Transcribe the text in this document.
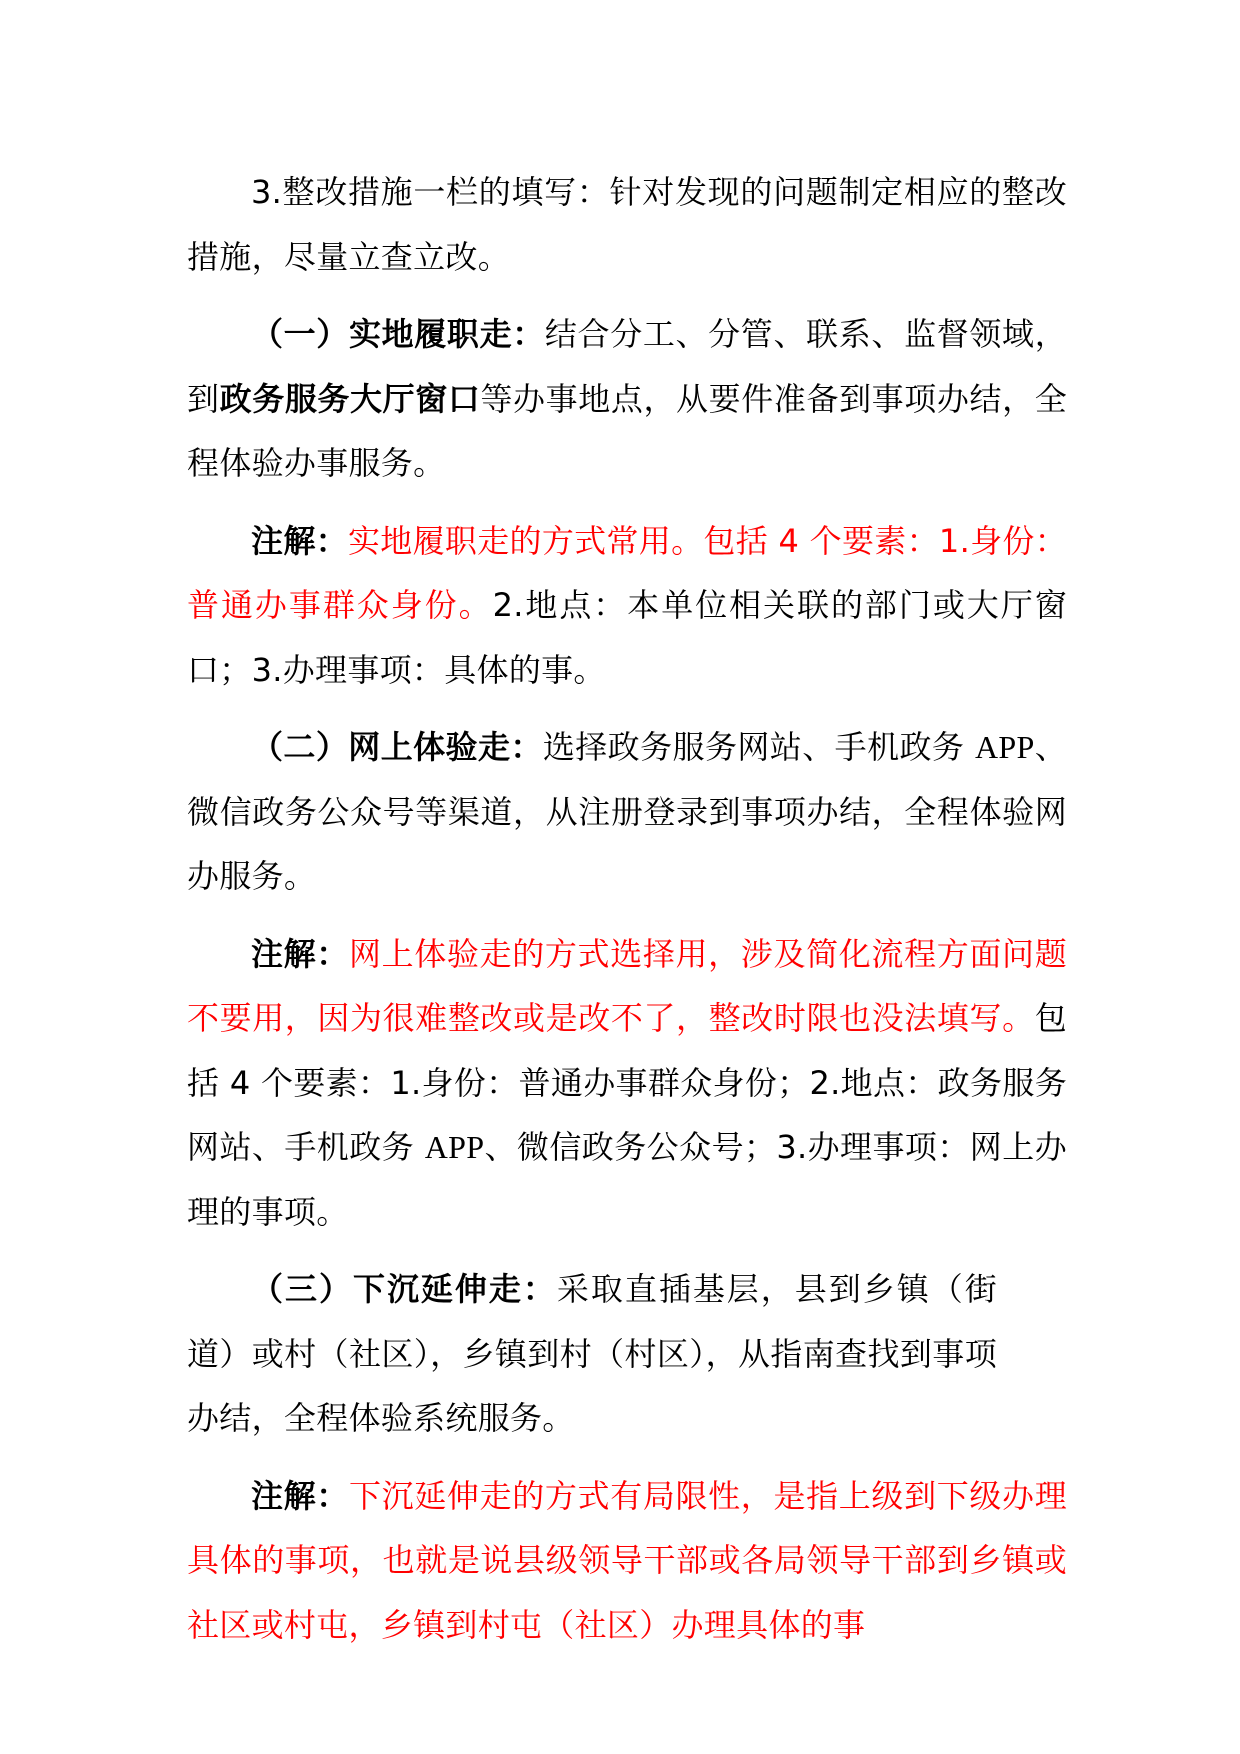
3.整改措施一栏的填写：针对发现的问题制定相应的整改措施，尽量立查立改。

（一）实地履职走：结合分工、分管、联系、监督领域，到政务服务大厅窗口等办事地点，从要件准备到事项办结，全程体验办事服务。

注解：实地履职走的方式常用。包括 4 个要素：1.身份：普通办事群众身份。2.地点：本单位相关联的部门或大厅窗口；3.办理事项：具体的事。

（二）网上体验走：选择政务服务网站、手机政务 APP、微信政务公众号等渠道，从注册登录到事项办结，全程体验网办服务。

注解：网上体验走的方式选择用，涉及简化流程方面问题不要用，因为很难整改或是改不了，整改时限也没法填写。包括 4 个要素：1.身份：普通办事群众身份；2.地点：政务服务网站、手机政务 APP、微信政务公众号；3.办理事项：网上办理的事项。

（三）下沉延伸走：采取直插基层，县到乡镇（街道）或村（社区），乡镇到村（村区），从指南查找到事项办结，全程体验系统服务。

注解：下沉延伸走的方式有局限性，是指上级到下级办理具体的事项，也就是说县级领导干部或各局领导干部到乡镇或社区或村屯，乡镇到村屯（社区）办理具体的事
